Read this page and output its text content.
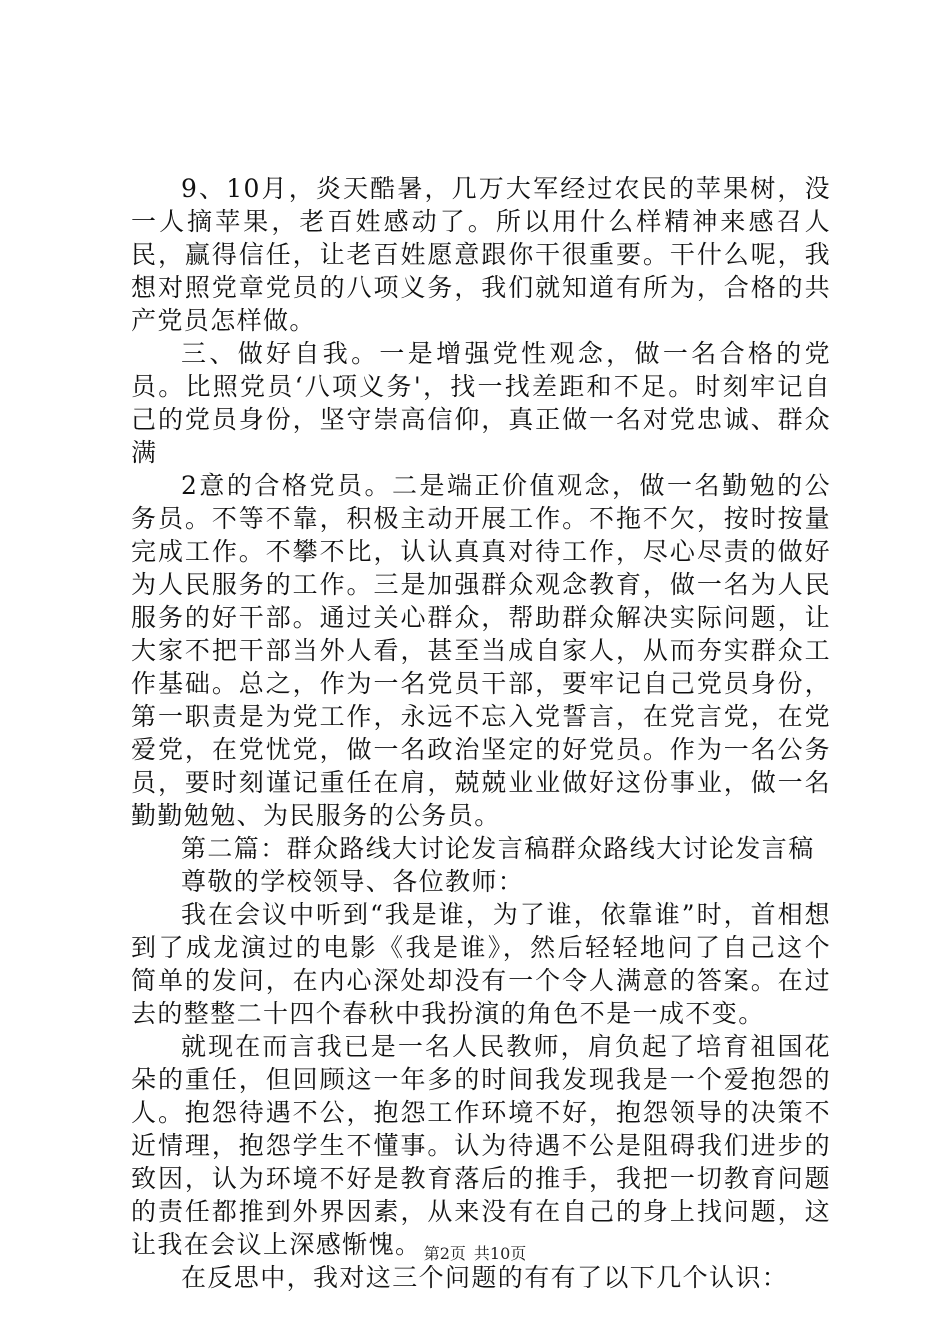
9、10月，炎天酷暑，几万大军经过农民的苹果树，没一人摘苹果，老百姓感动了。所以用什么样精神来感召人民，赢得信任，让老百姓愿意跟你干很重要。干什么呢，我想对照党章党员的八项义务，我们就知道有所为，合格的共产党员怎样做。

三、做好自我。一是增强党性观念，做一名合格的党员。比照党员‘八项义务'，找一找差距和不足。时刻牢记自己的党员身份，坚守崇高信仰，真正做一名对党忠诚、群众满

2意的合格党员。二是端正价值观念，做一名勤勉的公务员。不等不靠，积极主动开展工作。不拖不欠，按时按量完成工作。不攀不比，认认真真对待工作，尽心尽责的做好为人民服务的工作。三是加强群众观念教育，做一名为人民服务的好干部。通过关心群众，帮助群众解决实际问题，让大家不把干部当外人看，甚至当成自家人，从而夯实群众工作基础。总之，作为一名党员干部，要牢记自己党员身份，第一职责是为党工作，永远不忘入党誓言，在党言党，在党爱党，在党忧党，做一名政治坚定的好党员。作为一名公务员，要时刻谨记重任在肩，兢兢业业做好这份事业，做一名勤勤勉勉、为民服务的公务员。

第二篇：群众路线大讨论发言稿群众路线大讨论发言稿

尊敬的学校领导、各位教师：

我在会议中听到“我是谁，为了谁，依靠谁”时，首相想到了成龙演过的电影《我是谁》，然后轻轻地问了自己这个简单的发问，在内心深处却没有一个令人满意的答案。在过去的整整二十四个春秋中我扮演的角色不是一成不变。

就现在而言我已是一名人民教师，肩负起了培育祖国花朵的重任，但回顾这一年多的时间我发现我是一个爱抱怨的人。抱怨待遇不公，抱怨工作环境不好，抱怨领导的决策不近情理，抱怨学生不懂事。认为待遇不公是阻碍我们进步的致因，认为环境不好是教育落后的推手，我把一切教育问题的责任都推到外界因素，从来没有在自己的身上找问题，这让我在会议上深感惭愧。

在反思中，我对这三个问题的有有了以下几个认识：

第2页 共10页
